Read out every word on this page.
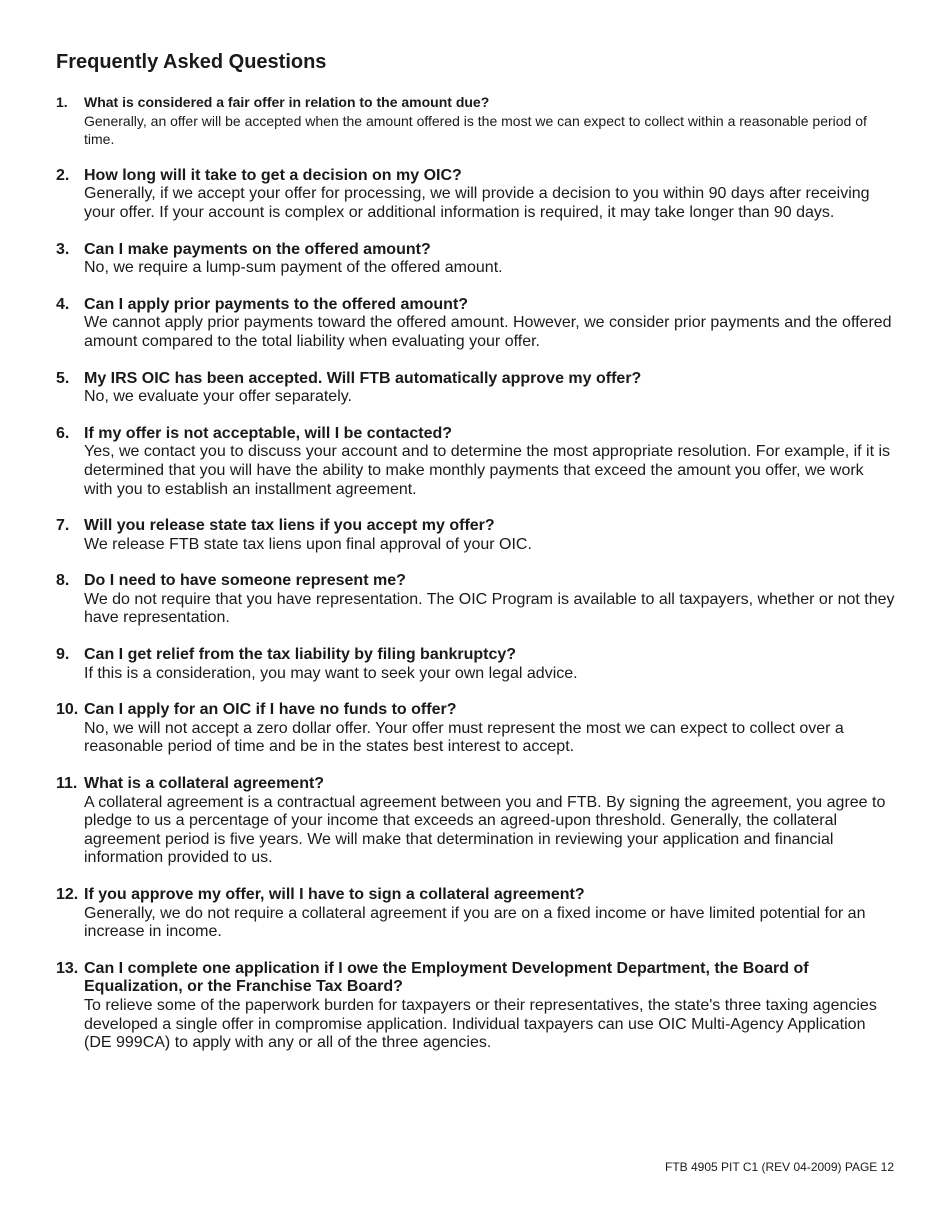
Frequently Asked Questions
1. What is considered a fair offer in relation to the amount due?

Generally, an offer will be accepted when the amount offered is the most we can expect to collect within a reasonable period of time.

2. How long will it take to get a decision on my OIC?

Generally, if we accept your offer for processing, we will provide a decision to you within 90 days after receiving your offer. If your account is complex or additional information is required, it may take longer than 90 days.

3. Can I make payments on the offered amount?

No, we require a lump-sum payment of the offered amount.

4. Can I apply prior payments to the offered amount?

We cannot apply prior payments toward the offered amount. However, we consider prior payments and the offered amount compared to the total liability when evaluating your offer.

5. My IRS OIC has been accepted. Will FTB automatically approve my offer?

No, we evaluate your offer separately.

6. If my offer is not acceptable, will I be contacted?

Yes, we contact you to discuss your account and to determine the most appropriate resolution. For example, if it is determined that you will have the ability to make monthly payments that exceed the amount you offer, we work with you to establish an installment agreement.

7. Will you release state tax liens if you accept my offer?

We release FTB state tax liens upon final approval of your OIC.

8. Do I need to have someone represent me?

We do not require that you have representation. The OIC Program is available to all taxpayers, whether or not they have representation.

9. Can I get relief from the tax liability by filing bankruptcy?

If this is a consideration, you may want to seek your own legal advice.

10. Can I apply for an OIC if I have no funds to offer?

No, we will not accept a zero dollar offer. Your offer must represent the most we can expect to collect over a reasonable period of time and be in the states best interest to accept.

11. What is a collateral agreement?

A collateral agreement is a contractual agreement between you and FTB. By signing the agreement, you agree to pledge to us a percentage of your income that exceeds an agreed-upon threshold. Generally, the collateral agreement period is five years. We will make that determination in reviewing your application and financial information provided to us.

12. If you approve my offer, will I have to sign a collateral agreement?

Generally, we do not require a collateral agreement if you are on a fixed income or have limited potential for an increase in income.

13. Can I complete one application if I owe the Employment Development Department, the Board of Equalization, or the Franchise Tax Board?

To relieve some of the paperwork burden for taxpayers or their representatives, the state's three taxing agencies developed a single offer in compromise application. Individual taxpayers can use OIC Multi-Agency Application (DE 999CA) to apply with any or all of the three agencies.

FTB 4905 PIT C1 (REV 04-2009) PAGE 12
